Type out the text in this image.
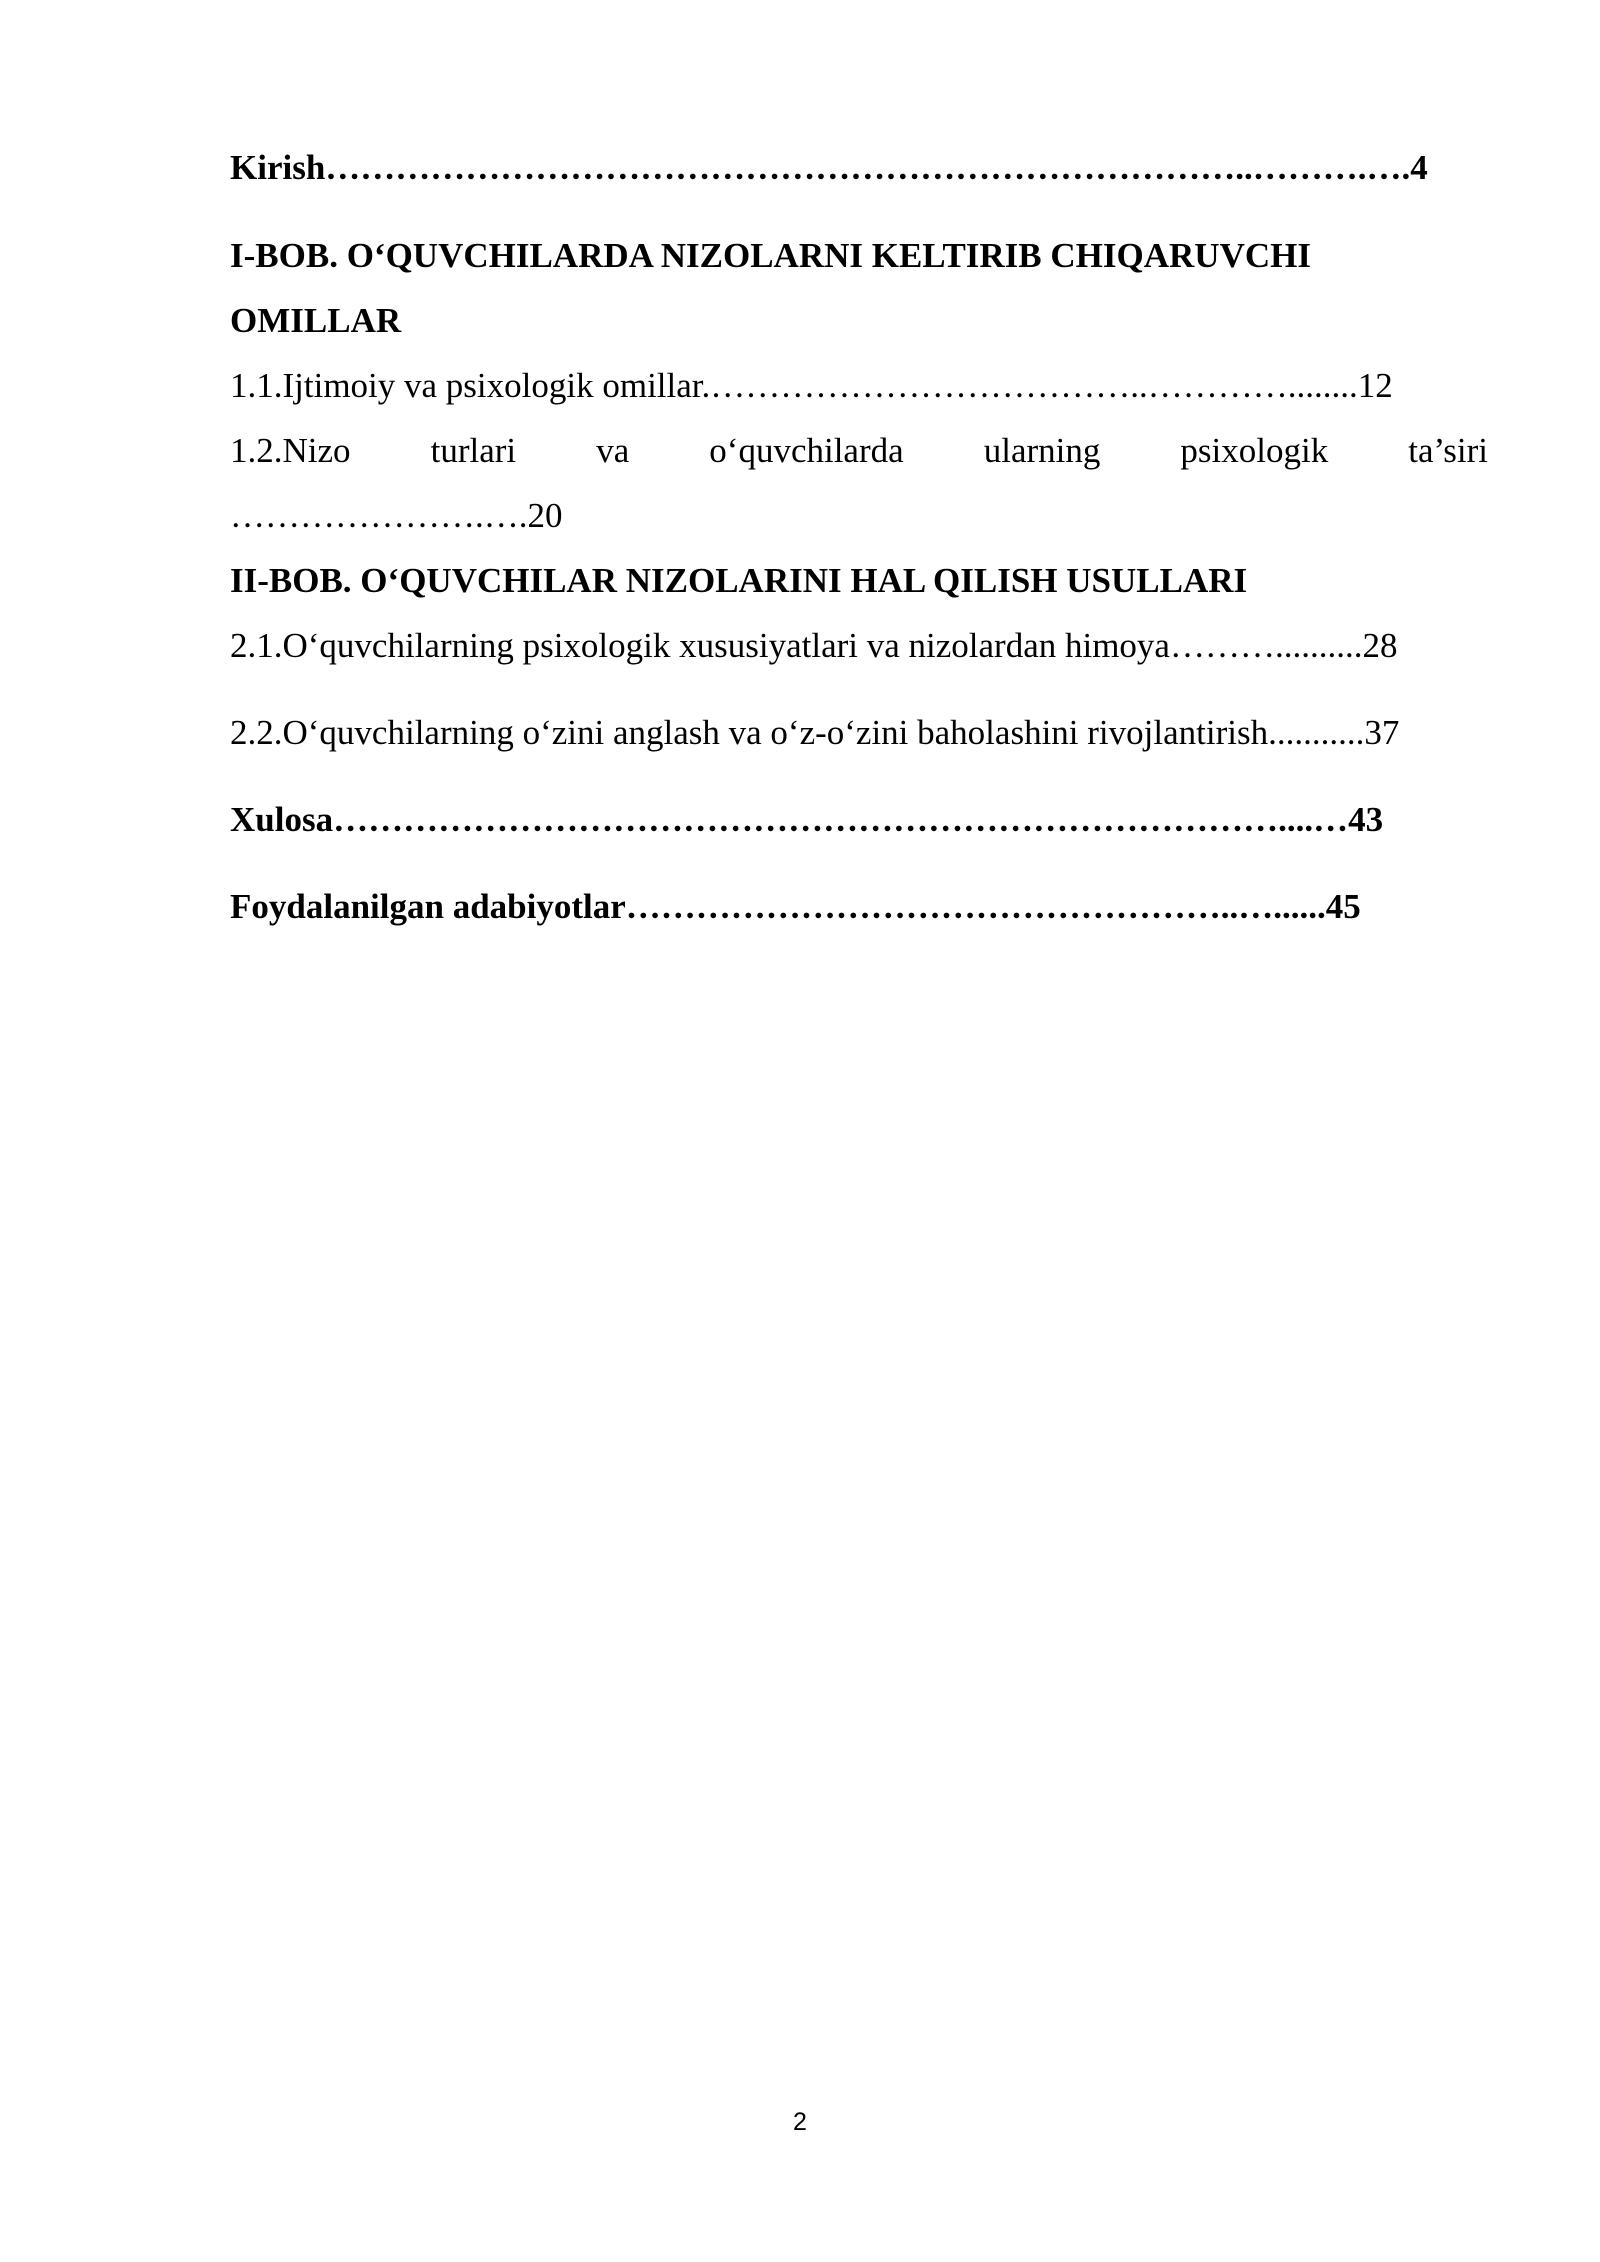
Kirish……………………………………………………………………..……….….4
I-BOB. O‘QUVCHILARDA NIZOLARNI KELTIRIB CHIQARUVCHI
OMILLAR
1.1.Ijtimoiy va psixologik omillar.………………………………..…………........12
1.2.Nizo turlari va o‘quvchilarda ularning psixologik ta’siri
………………….….20
II-BOB. O‘QUVCHILAR NIZOLARINI HAL QILISH USULLARI
2.1.O‘quvchilarning psixologik xususiyatlari va nizolardan himoya………..........28
2.2.O‘quvchilarning o‘zini anglash va o‘z-o‘zini baholashini rivojlantirish...........37
Xulosa………………………………………………………………………....…43
Foydalanilgan adabiyotlar……………………………………………..…......45
2
